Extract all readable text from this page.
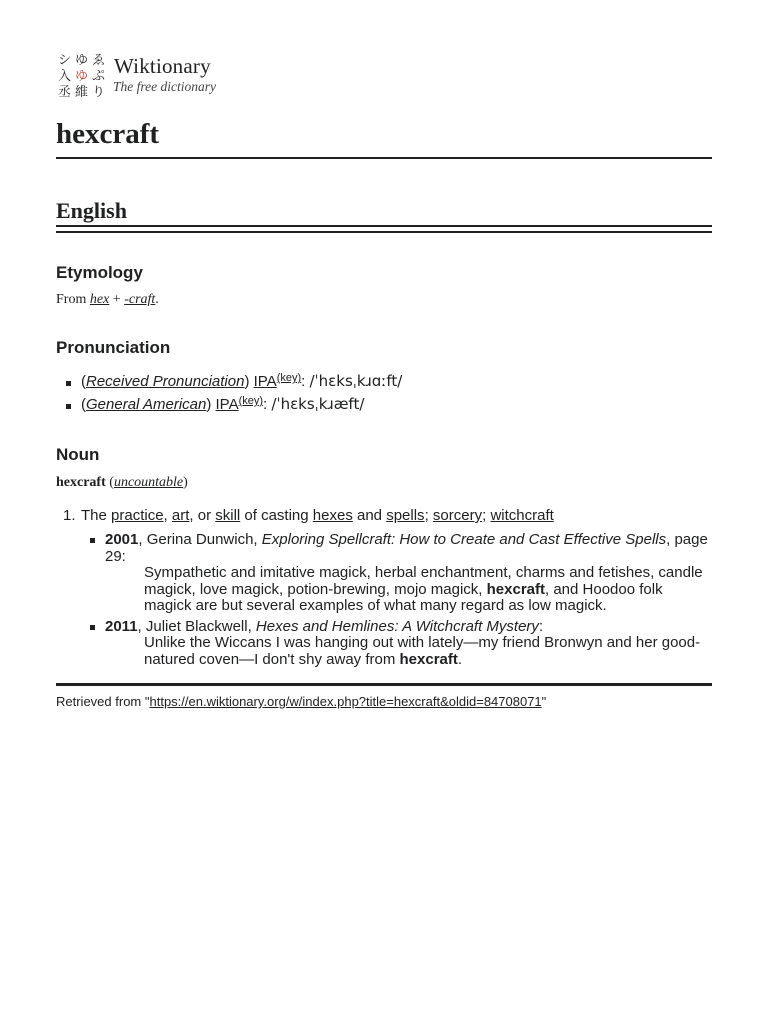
シ ゆ ゑ
入 ゆ ぷ
丞 維 り
Wiktionary
The free dictionary
hexcraft
English
Etymology
From hex + -craft.
Pronunciation
(Received Pronunciation) $IPA^{(key)}$: /ˈhɛksˌkɹɑːft/
(General American) $IPA^{(key)}$: /ˈhɛksˌkɹæft/
Noun
hexcraft (uncountable)
1. The practice, art, or skill of casting hexes and spells; sorcery; witchcraft
2001, Gerina Dunwich, Exploring Spellcraft: How to Create and Cast Effective Spells, page 29:
Sympathetic and imitative magick, herbal enchantment, charms and fetishes, candle magick, love magick, potion-brewing, mojo magick, hexcraft, and Hoodoo folk magick are but several examples of what many regard as low magick.
2011, Juliet Blackwell, Hexes and Hemlines: A Witchcraft Mystery:
Unlike the Wiccans I was hanging out with lately—my friend Bronwyn and her good-natured coven—I don't shy away from hexcraft.
Retrieved from "https://en.wiktionary.org/w/index.php?title=hexcraft&oldid=84708071"
